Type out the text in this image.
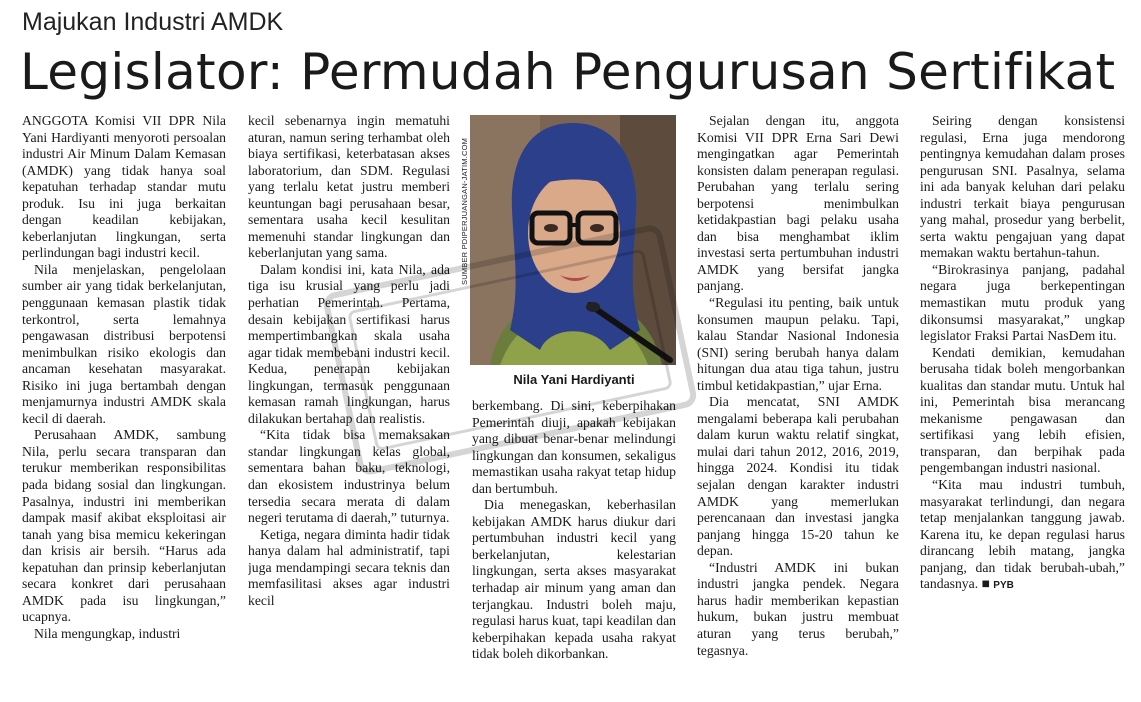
Majukan Industri AMDK
Legislator: Permudah Pengurusan Sertifikat

ANGGOTA Komisi VII DPR Nila Yani Hardiyanti menyoroti persoalan industri Air Minum Dalam Kemasan (AMDK) yang tidak hanya soal kepatuhan terhadap standar mutu produk. Isu ini juga berkaitan dengan keadilan kebijakan, keberlanjutan lingkungan, serta perlindungan bagi industri kecil.

Nila menjelaskan, pengelolaan sumber air yang tidak berkelanjutan, penggunaan kemasan plastik tidak terkontrol, serta lemahnya pengawasan distribusi berpotensi menimbulkan risiko ekologis dan ancaman kesehatan masyarakat. Risiko ini juga bertambah dengan menjamurnya industri AMDK skala kecil di daerah.

Perusahaan AMDK, sambung Nila, perlu secara transparan dan terukur memberikan responsibilitas pada bidang sosial dan lingkungan. Pasalnya, industri ini memberikan dampak masif akibat eksploitasi air tanah yang bisa memicu kekeringan dan krisis air bersih. “Harus ada kepatuhan dan prinsip keberlanjutan secara konkret dari perusahaan AMDK pada isu lingkungan,” ucapnya.

Nila mengungkap, industri

kecil sebenarnya ingin mematuhi aturan, namun sering terhambat oleh biaya sertifikasi, keterbatasan akses laboratorium, dan SDM. Regulasi yang terlalu ketat justru memberi keuntungan bagi perusahaan besar, sementara usaha kecil kesulitan memenuhi standar lingkungan dan keberlanjutan yang sama.

Dalam kondisi ini, kata Nila, ada tiga isu krusial yang perlu jadi perhatian Pemerintah. Pertama, desain kebijakan sertifikasi harus mempertimbangkan skala usaha agar tidak membebani industri kecil. Kedua, penerapan kebijakan lingkungan, termasuk penggunaan kemasan ramah lingkungan, harus dilakukan bertahap dan realistis.

“Kita tidak bisa memaksakan standar lingkungan kelas global, sementara bahan baku, teknologi, dan ekosistem industrinya belum tersedia secara merata di dalam negeri terutama di daerah,” tuturnya.

Ketiga, negara diminta hadir tidak hanya dalam hal administratif, tapi juga mendampingi secara teknis dan memfasilitasi akses agar industri kecil

SUMBER PDIPERJUANGAN-JATIM.COM
Nila Yani Hardiyanti

berkembang. Di sini, keberpihakan Pemerintah diuji, apakah kebijakan yang dibuat benar-benar melindungi lingkungan dan konsumen, sekaligus memastikan usaha rakyat tetap hidup dan bertumbuh.

Dia menegaskan, keberhasilan kebijakan AMDK harus diukur dari pertumbuhan industri kecil yang berkelanjutan, kelestarian lingkungan, serta akses masyarakat terhadap air minum yang aman dan terjangkau. Industri boleh maju, regulasi harus kuat, tapi keadilan dan keberpihakan kepada usaha rakyat tidak boleh dikorbankan.

Sejalan dengan itu, anggota Komisi VII DPR Erna Sari Dewi mengingatkan agar Pemerintah konsisten dalam penerapan regulasi. Perubahan yang terlalu sering berpotensi menimbulkan ketidakpastian bagi pelaku usaha dan bisa menghambat iklim investasi serta pertumbuhan industri AMDK yang bersifat jangka panjang.

“Regulasi itu penting, baik untuk konsumen maupun pelaku. Tapi, kalau Standar Nasional Indonesia (SNI) sering berubah hanya dalam hitungan dua atau tiga tahun, justru timbul ketidakpastian,” ujar Erna.

Dia mencatat, SNI AMDK mengalami beberapa kali perubahan dalam kurun waktu relatif singkat, mulai dari tahun 2012, 2016, 2019, hingga 2024. Kondisi itu tidak sejalan dengan karakter industri AMDK yang memerlukan perencanaan dan investasi jangka panjang hingga 15-20 tahun ke depan.

“Industri AMDK ini bukan industri jangka pendek. Negara harus hadir memberikan kepastian hukum, bukan justru membuat aturan yang terus berubah,” tegasnya.

Seiring dengan konsistensi regulasi, Erna juga mendorong pentingnya kemudahan dalam proses pengurusan SNI. Pasalnya, selama ini ada banyak keluhan dari pelaku industri terkait biaya pengurusan yang mahal, prosedur yang berbelit, serta waktu pengajuan yang dapat memakan waktu bertahun-tahun.

“Birokrasinya panjang, padahal negara juga berkepentingan memastikan mutu produk yang dikonsumsi masyarakat,” ungkap legislator Fraksi Partai NasDem itu.

Kendati demikian, kemudahan berusaha tidak boleh mengorbankan kualitas dan standar mutu. Untuk hal ini, Pemerintah bisa merancang mekanisme pengawasan dan sertifikasi yang lebih efisien, transparan, dan berpihak pada pengembangan industri nasional.

“Kita mau industri tumbuh, masyarakat terlindungi, dan negara tetap menjalankan tanggung jawab. Karena itu, ke depan regulasi harus dirancang lebih matang, jangka panjang, dan tidak berubah-ubah,” tandasnya. ■ PYB
